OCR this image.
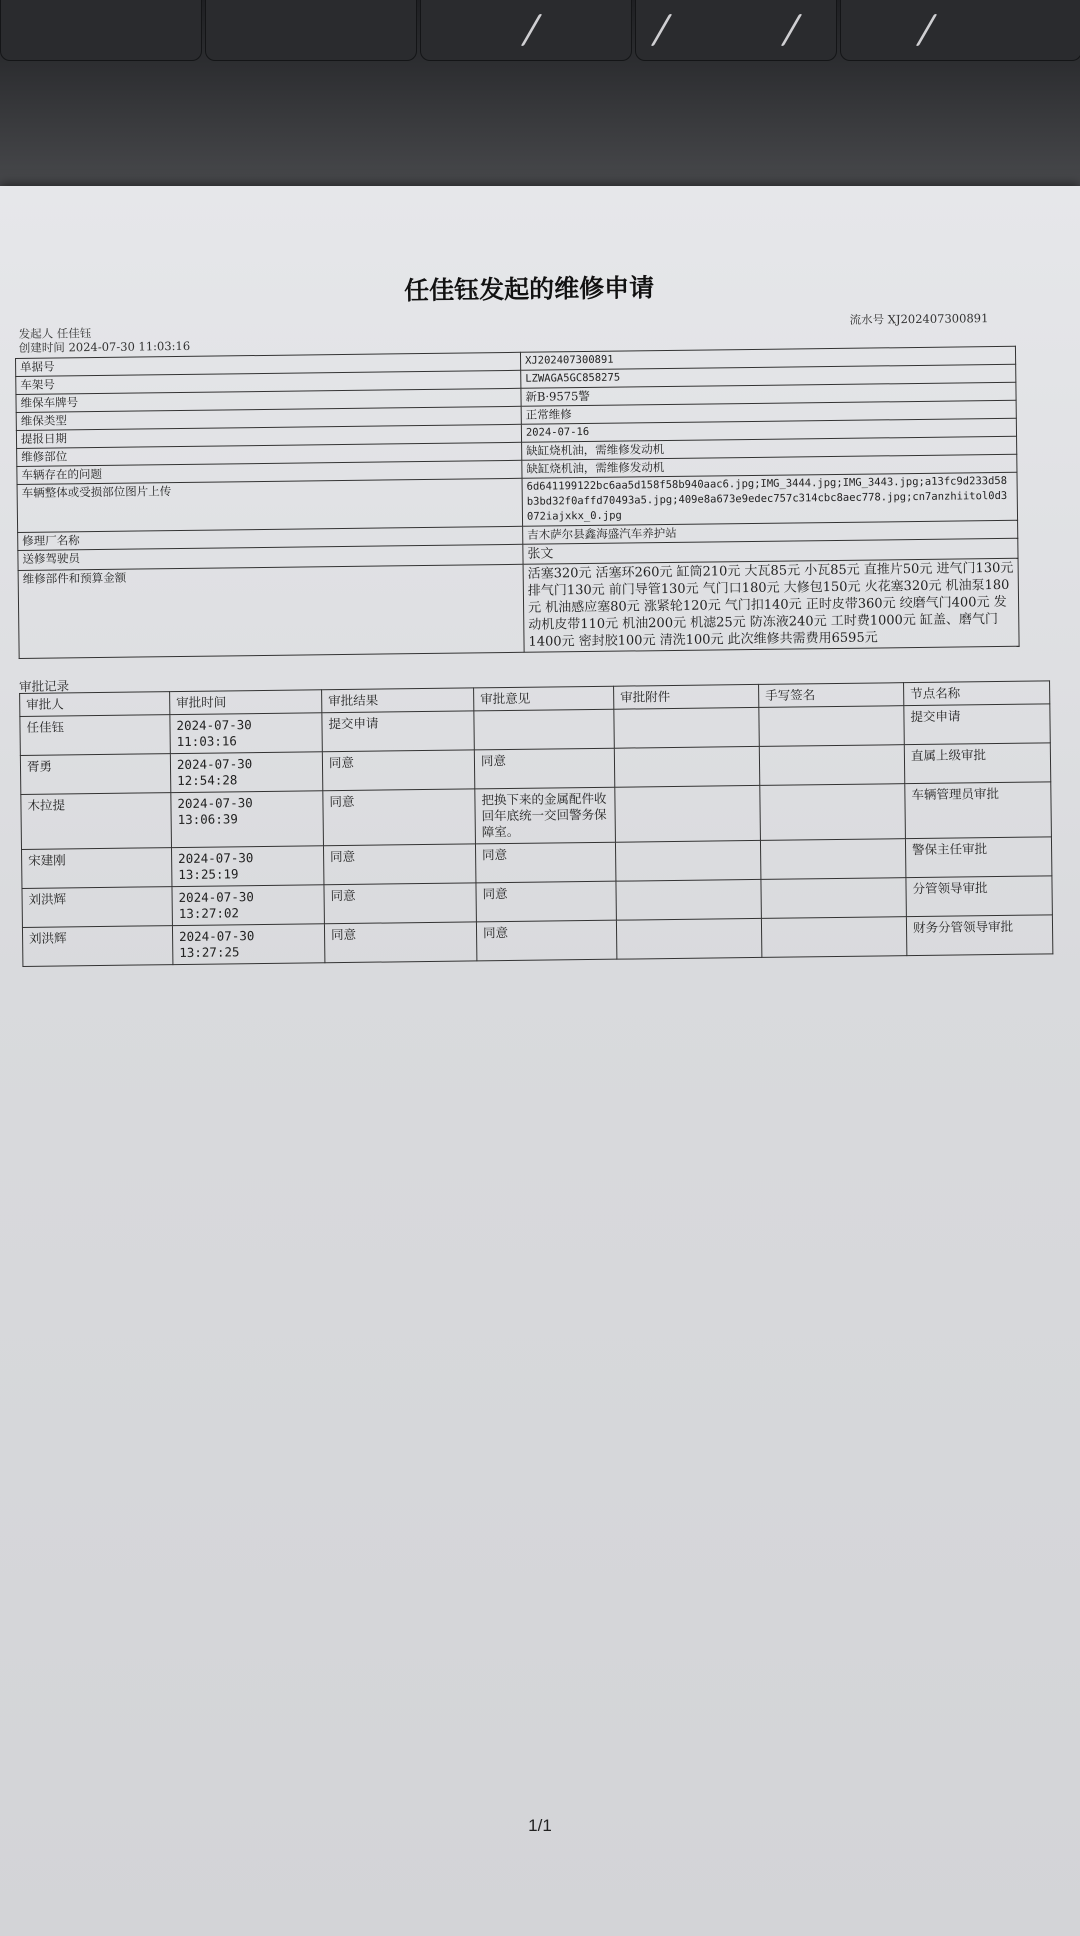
任佳钰发起的维修申请
发起人 任佳钰
创建时间 2024-07-30 11:03:16
流水号 XJ202407300891
单据号	XJ202407300891
车架号	LZWAGA5GC858275
维保车牌号	新B·9575警
维保类型	正常维修
提报日期	2024-07-16
维修部位	缺缸烧机油，需维修发动机
车辆存在的问题	缺缸烧机油，需维修发动机
车辆整体或受损部位图片上传	6d641199122bc6aa5d158f58b940aac6.jpg;IMG_3444.jpg;IMG_3443.jpg;a13fc9d233d58b3bd32f0affd70493a5.jpg;409e8a673e9edec757c314cbc8aec778.jpg;cn7anzhiitol0d3072iajxkx_0.jpg
修理厂名称	吉木萨尔县鑫海盛汽车养护站
送修驾驶员	张文
维修部件和预算金额	活塞320元 活塞环260元 缸筒210元 大瓦85元 小瓦85元 直推片50元 进气门130元 排气门130元 前门导管130元 气门口180元 大修包150元 火花塞320元 机油泵180元 机油感应塞80元 涨紧轮120元 气门扣140元 正时皮带360元 绞磨气门400元 发动机皮带110元 机油200元 机滤25元 防冻液240元 工时费1000元 缸盖、磨气门1400元 密封胶100元 清洗100元 此次维修共需费用6595元
审批记录
审批人	审批时间	审批结果	审批意见	审批附件	手写签名	节点名称
任佳钰	2024-07-30 11:03:16	提交申请				提交申请
胥勇	2024-07-30 12:54:28	同意	同意			直属上级审批
木拉提	2024-07-30 13:06:39	同意	把换下来的金属配件收回年底统一交回警务保障室。			车辆管理员审批
宋建刚	2024-07-30 13:25:19	同意	同意			警保主任审批
刘洪辉	2024-07-30 13:27:02	同意	同意			分管领导审批
刘洪辉	2024-07-30 13:27:25	同意	同意			财务分管领导审批
1/1
